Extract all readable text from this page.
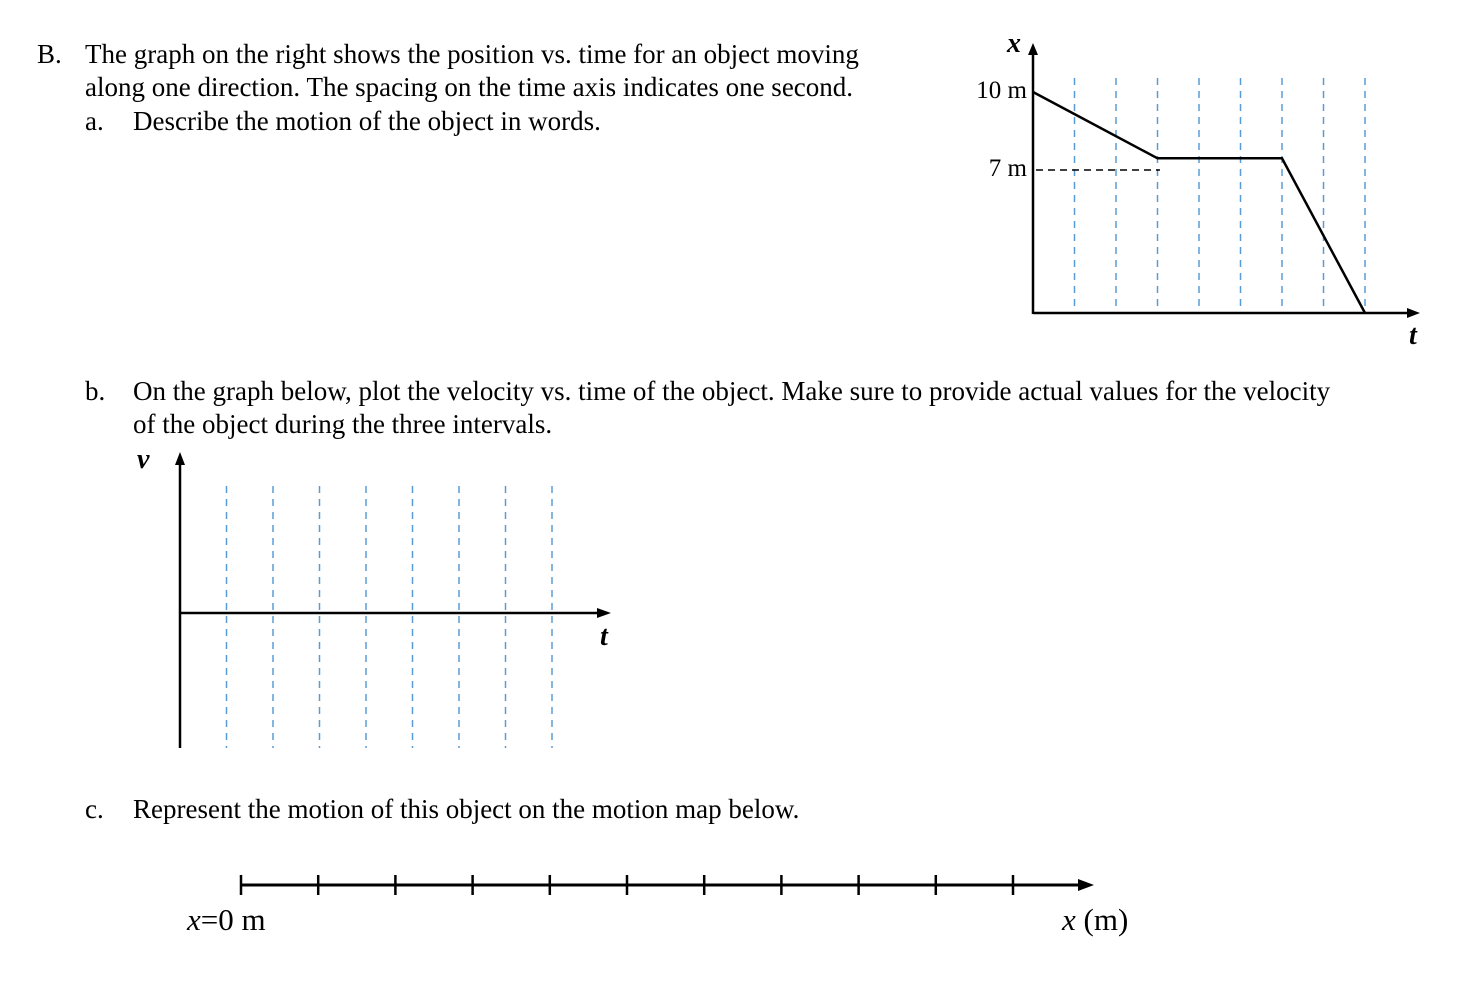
B. The graph on the right shows the position vs. time for an object moving
along one direction. The spacing on the time axis indicates one second.
a. Describe the motion of the object in words.
b. On the graph below, plot the velocity vs. time of the object. Make sure to provide actual values for the velocity
of the object during the three intervals.
c. Represent the motion of this object on the motion map below.
x
10 m
7 m
t
v
t
x=0 m	x (m)
